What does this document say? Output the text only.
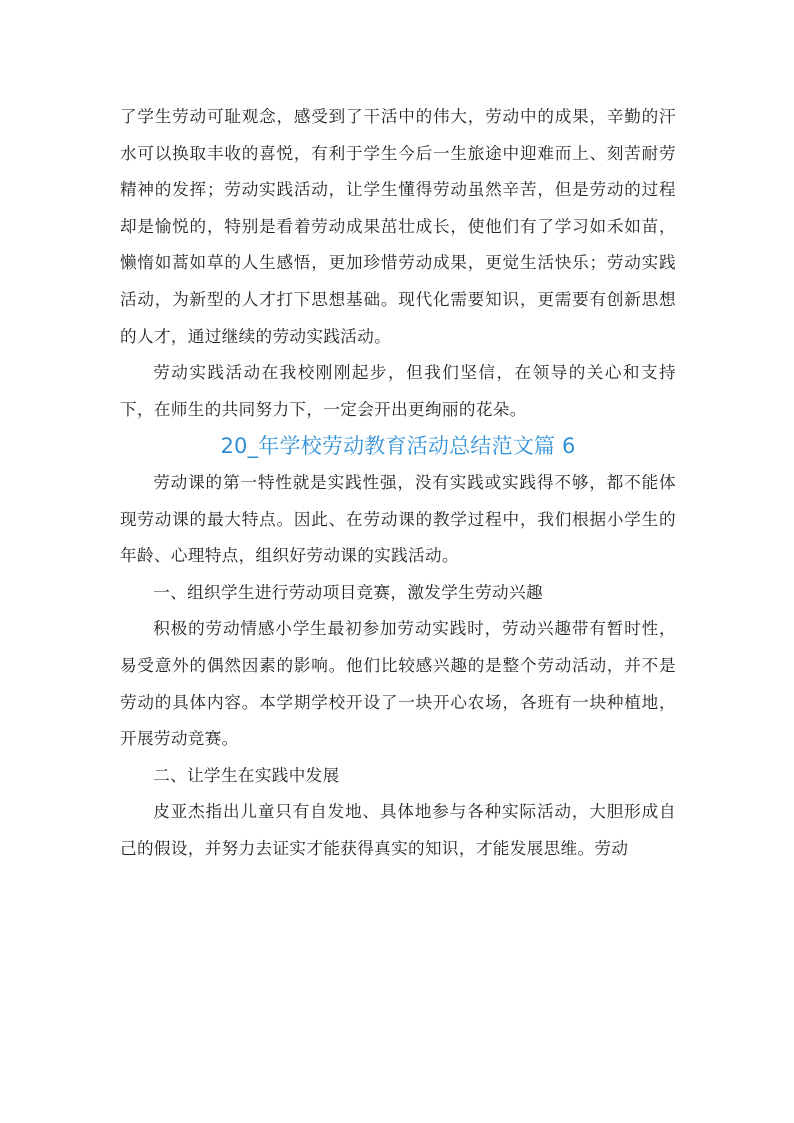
了学生劳动可耻观念，感受到了干活中的伟大，劳动中的成果，辛勤的汗水可以换取丰收的喜悦，有利于学生今后一生旅途中迎难而上、刻苦耐劳精神的发挥；劳动实践活动，让学生懂得劳动虽然辛苦，但是劳动的过程却是愉悦的，特别是看着劳动成果茁壮成长，使他们有了学习如禾如苗，懒惰如蒿如草的人生感悟，更加珍惜劳动成果，更觉生活快乐；劳动实践活动，为新型的人才打下思想基础。现代化需要知识，更需要有创新思想的人才，通过继续的劳动实践活动。

劳动实践活动在我校刚刚起步，但我们坚信，在领导的关心和支持下，在师生的共同努力下，一定会开出更绚丽的花朵。

20_年学校劳动教育活动总结范文篇 6

劳动课的第一特性就是实践性强，没有实践或实践得不够，都不能体现劳动课的最大特点。因此、在劳动课的教学过程中，我们根据小学生的年龄、心理特点，组织好劳动课的实践活动。

一、组织学生进行劳动项目竞赛，激发学生劳动兴趣

积极的劳动情感小学生最初参加劳动实践时，劳动兴趣带有暂时性，易受意外的偶然因素的影响。他们比较感兴趣的是整个劳动活动，并不是劳动的具体内容。本学期学校开设了一块开心农场，各班有一块种植地，开展劳动竞赛。

二、让学生在实践中发展

皮亚杰指出儿童只有自发地、具体地参与各种实际活动，大胆形成自己的假设，并努力去证实才能获得真实的知识，才能发展思维。劳动
